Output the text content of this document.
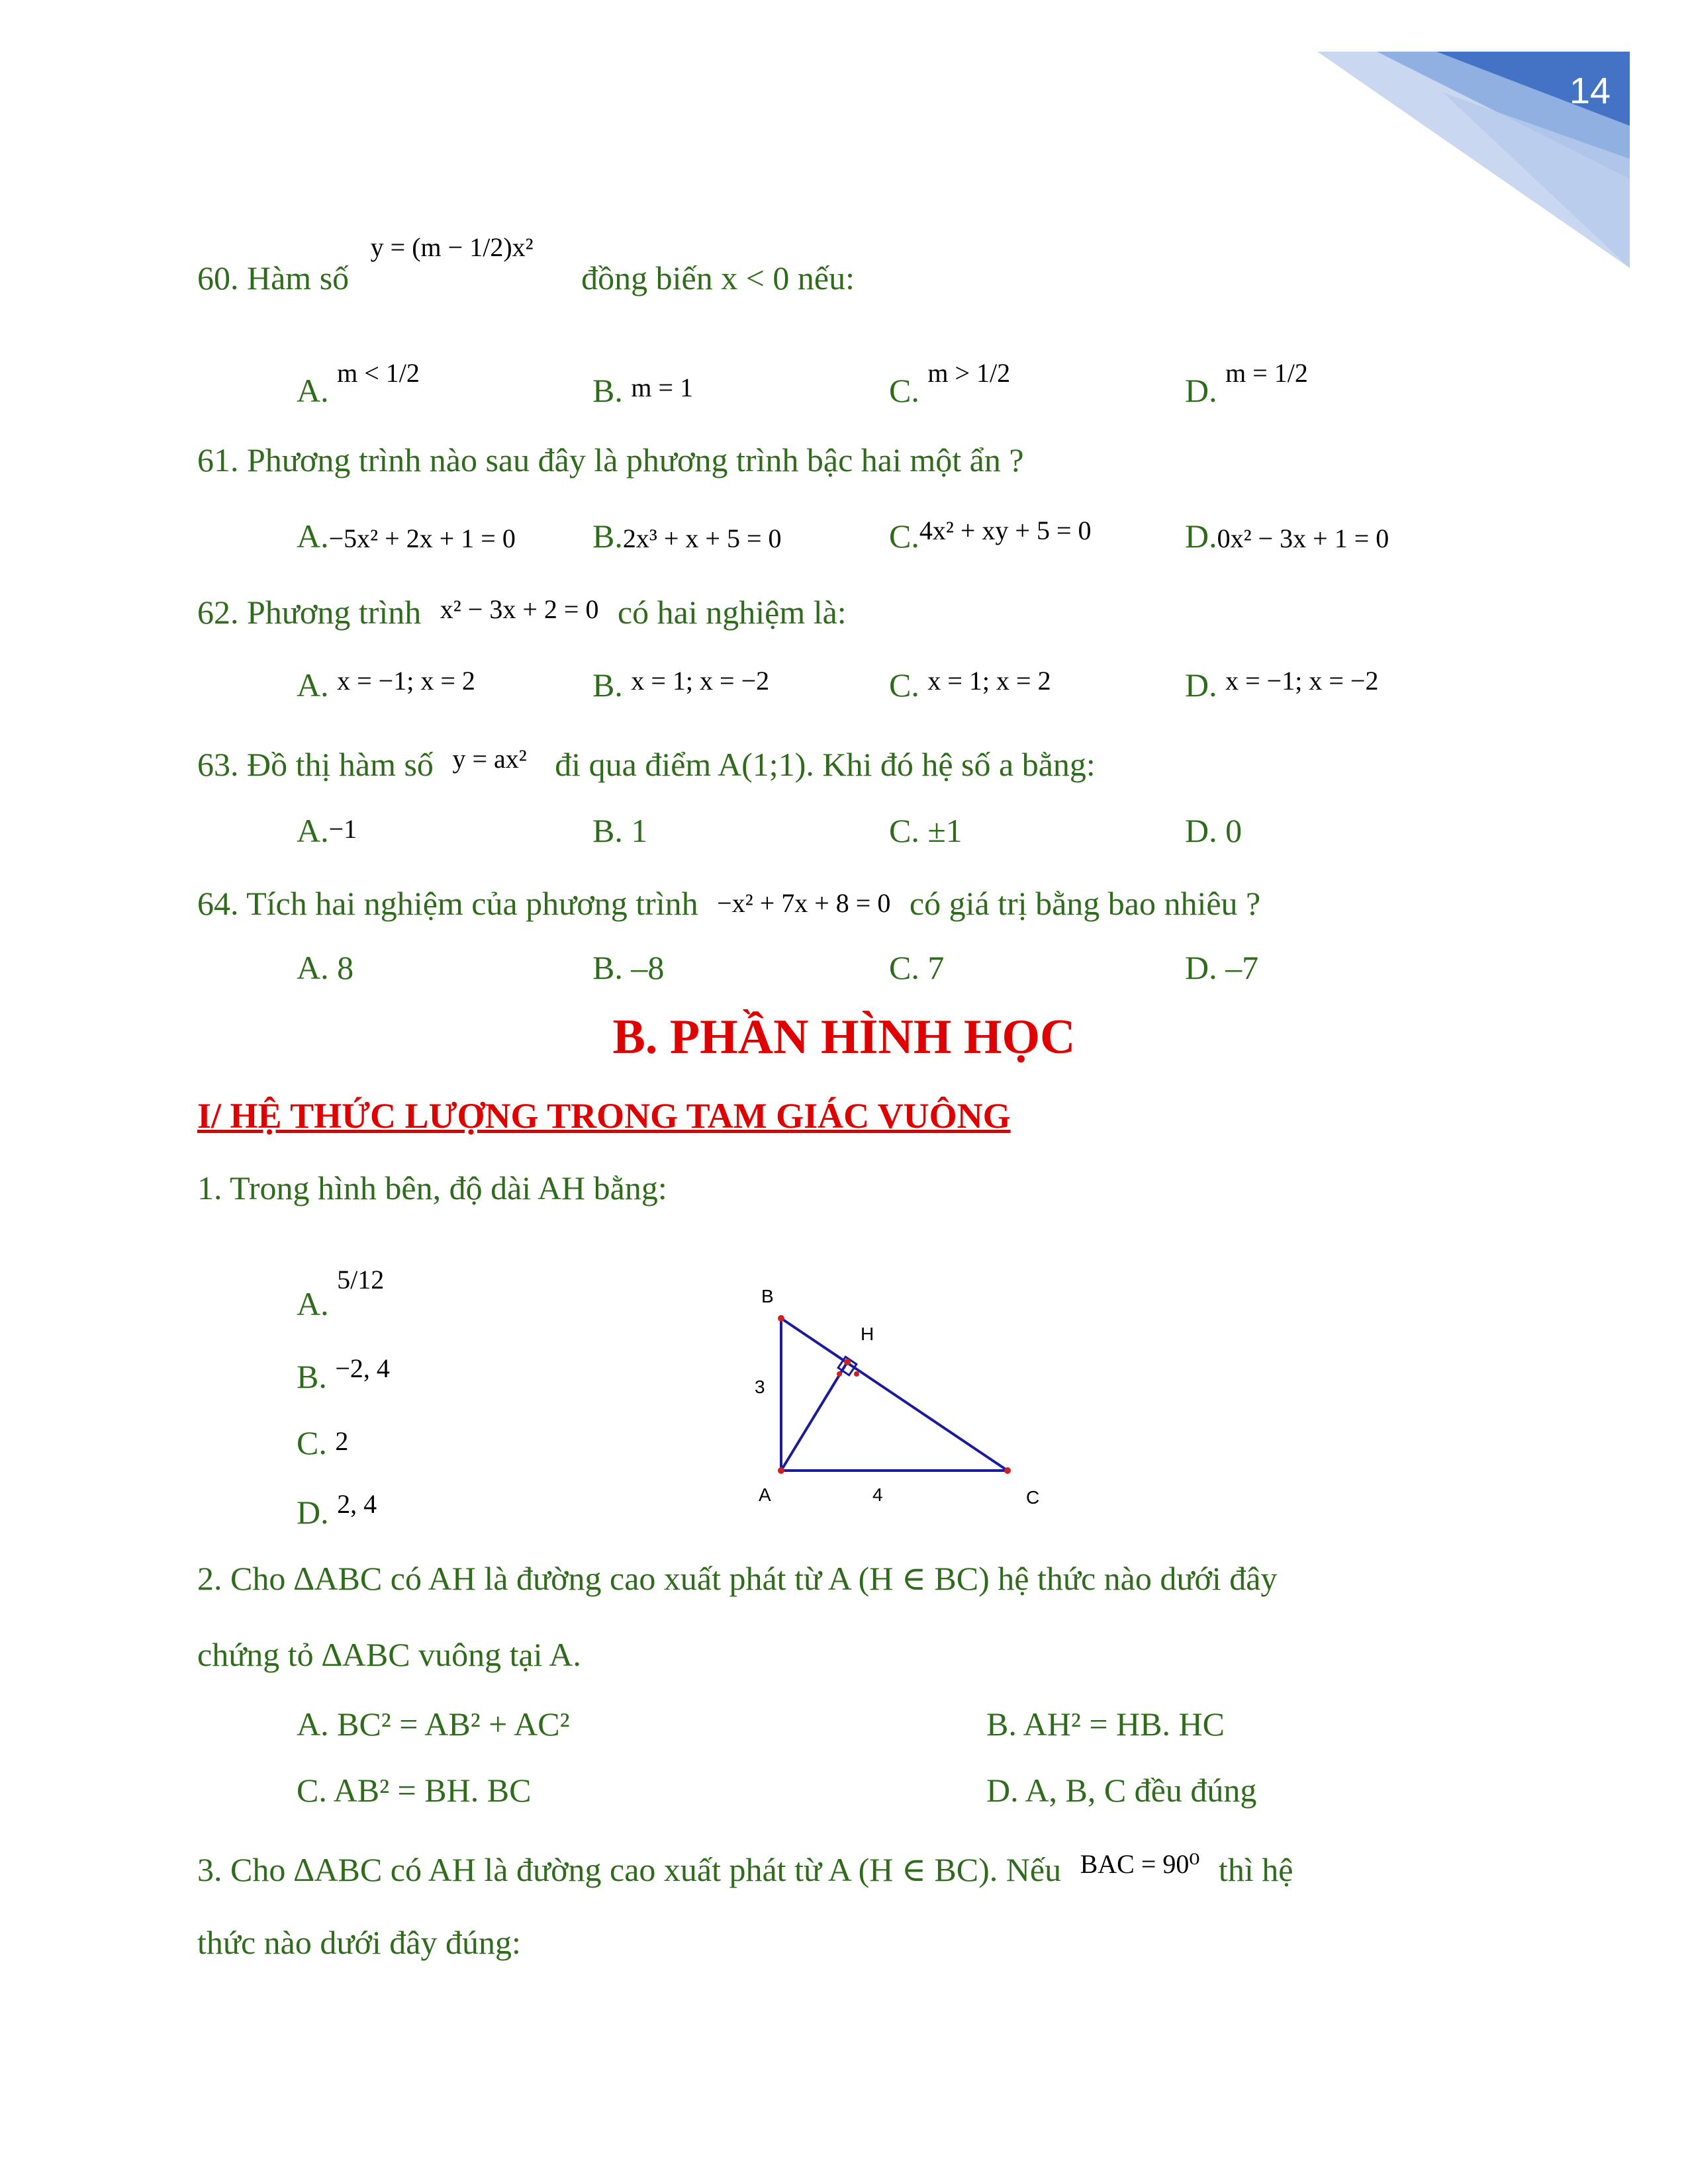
14
60. Hàm số y = (m − 1/2)x² đồng biến x < 0 nếu:
A. m < 1/2	B. m = 1	C. m > 1/2	D. m = 1/2
61. Phương trình nào sau đây là phương trình bậc hai một ẩn ?
A.−5x² + 2x + 1 = 0 B.2x³ + x + 5 = 0	C.4x² + xy + 5 = 0	D.0x² − 3x + 1 = 0
62. Phương trình x² − 3x + 2 = 0 có hai nghiệm là:
A. x = −1; x = 2	B. x = 1; x = −2	C. x = 1; x = 2	D. x = −1; x = −2
63. Đồ thị hàm số y = ax² đi qua điểm A(1;1). Khi đó hệ số a bằng:
A.−1	B. 1	C. ±1	D. 0
64. Tích hai nghiệm của phương trình −x² + 7x + 8 = 0 có giá trị bằng bao nhiêu ?
A. 8	B. –8	C. 7	D. –7
B. PHẦN HÌNH HỌC
I/ HỆ THỨC LƯỢNG TRONG TAM GIÁC VUÔNG
1. Trong hình bên, độ dài AH bằng:
A. 5/12
B. −2, 4
C. 2
D. 2, 4
B
H
A	C
3
4
2. Cho ∆ABC có AH là đường cao xuất phát từ A (H ∈ BC) hệ thức nào dưới đây
chứng tỏ ∆ABC vuông tại A.
A. BC² = AB² + AC²	B. AH² = HB. HC
C. AB² = BH. BC	D. A, B, C đều đúng
3. Cho ∆ABC có AH là đường cao xuất phát từ A (H ∈ BC). Nếu BAC = 90⁰ thì hệ
thức nào dưới đây đúng:
